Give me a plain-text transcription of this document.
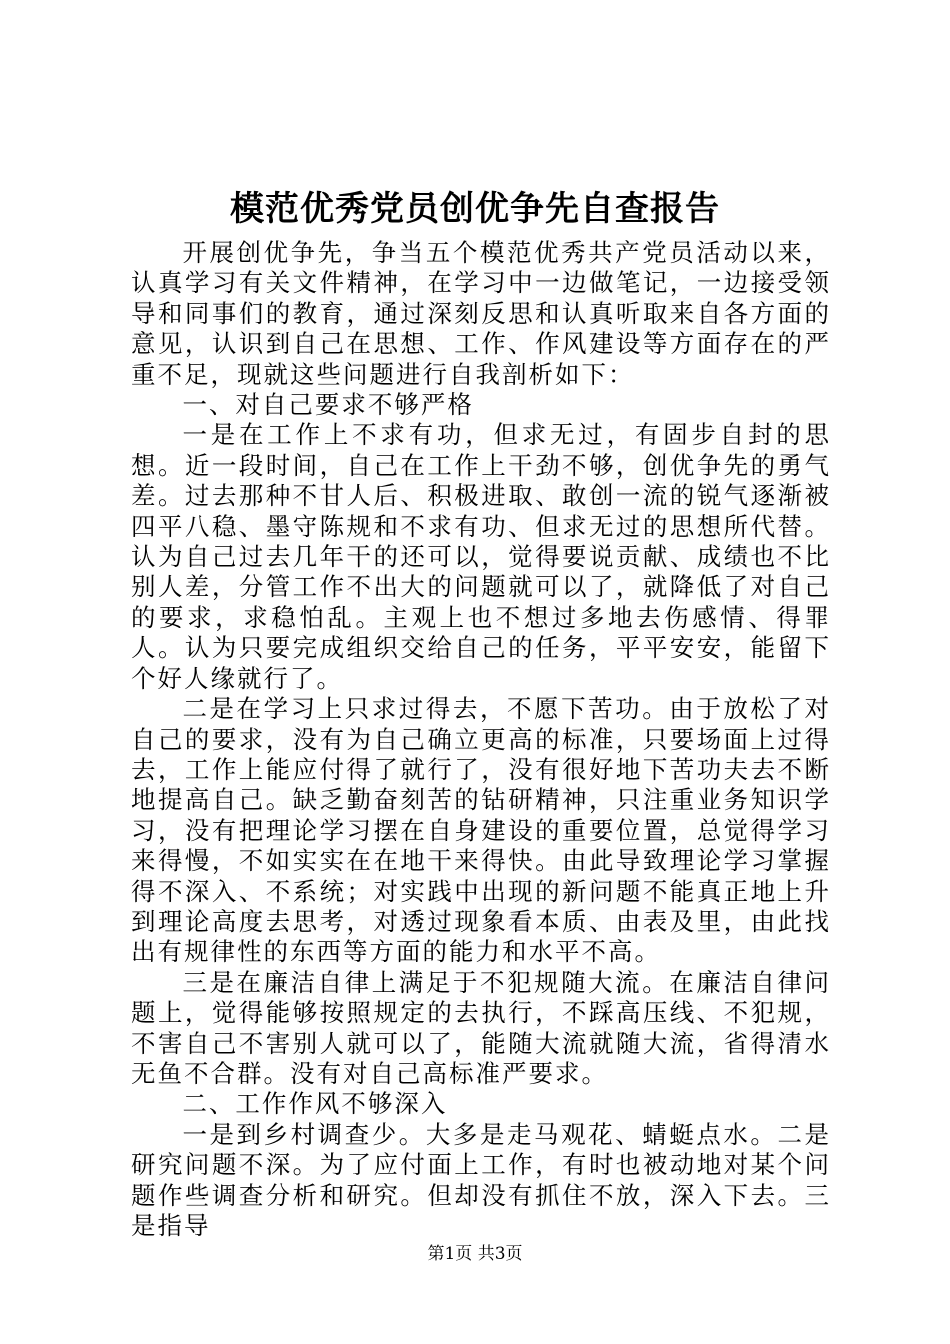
模范优秀党员创优争先自查报告

开展创优争先，争当五个模范优秀共产党员活动以来，认真学习有关文件精神，在学习中一边做笔记，一边接受领导和同事们的教育，通过深刻反思和认真听取来自各方面的意见，认识到自己在思想、工作、作风建设等方面存在的严重不足，现就这些问题进行自我剖析如下：

一、对自己要求不够严格

一是在工作上不求有功，但求无过，有固步自封的思想。近一段时间，自己在工作上干劲不够，创优争先的勇气差。过去那种不甘人后、积极进取、敢创一流的锐气逐渐被四平八稳、墨守陈规和不求有功、但求无过的思想所代替。认为自己过去几年干的还可以，觉得要说贡献、成绩也不比别人差，分管工作不出大的问题就可以了，就降低了对自己的要求，求稳怕乱。主观上也不想过多地去伤感情、得罪人。认为只要完成组织交给自己的任务，平平安安，能留下个好人缘就行了。

二是在学习上只求过得去，不愿下苦功。由于放松了对自己的要求，没有为自己确立更高的标准，只要场面上过得去，工作上能应付得了就行了，没有很好地下苦功夫去不断地提高自己。缺乏勤奋刻苦的钻研精神，只注重业务知识学习，没有把理论学习摆在自身建设的重要位置，总觉得学习来得慢，不如实实在在地干来得快。由此导致理论学习掌握得不深入、不系统；对实践中出现的新问题不能真正地上升到理论高度去思考，对透过现象看本质、由表及里，由此找出有规律性的东西等方面的能力和水平不高。

三是在廉洁自律上满足于不犯规随大流。在廉洁自律问题上，觉得能够按照规定的去执行，不踩高压线、不犯规，不害自己不害别人就可以了，能随大流就随大流，省得清水无鱼不合群。没有对自己高标准严要求。

二、工作作风不够深入

一是到乡村调查少。大多是走马观花、蜻蜓点水。二是研究问题不深。为了应付面上工作，有时也被动地对某个问题作些调查分析和研究。但却没有抓住不放，深入下去。三是指导

第1页 共3页
